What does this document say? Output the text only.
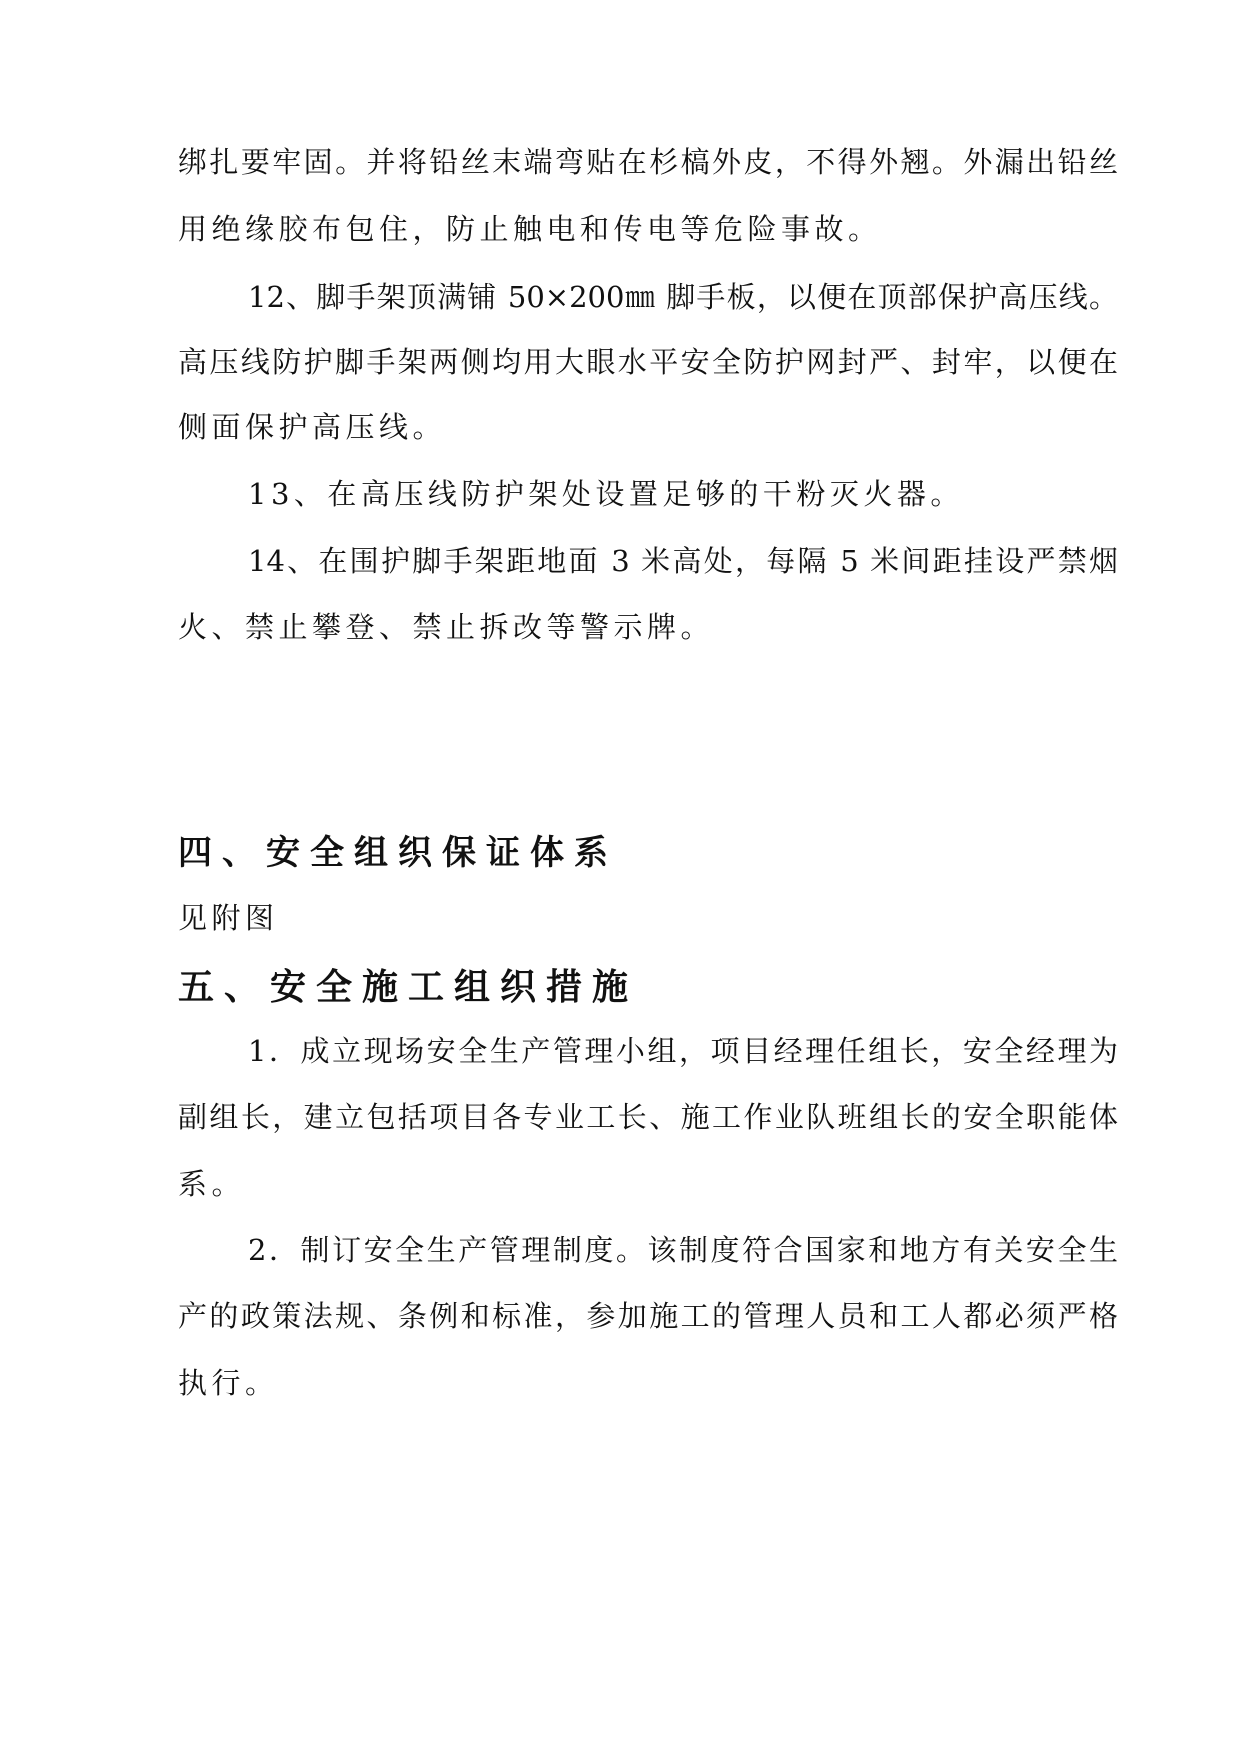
绑扎要牢固。并将铅丝末端弯贴在杉槁外皮，不得外翘。外漏出铅丝
用绝缘胶布包住，防止触电和传电等危险事故。
12、脚手架顶满铺 50×200㎜ 脚手板，以便在顶部保护高压线。
高压线防护脚手架两侧均用大眼水平安全防护网封严、封牢，以便在
侧面保护高压线。
13、在高压线防护架处设置足够的干粉灭火器。
14、在围护脚手架距地面 3 米高处，每隔 5 米间距挂设严禁烟
火、禁止攀登、禁止拆改等警示牌。
四、安全组织保证体系
见附图
五、安全施工组织措施
1．成立现场安全生产管理小组，项目经理任组长，安全经理为
副组长，建立包括项目各专业工长、施工作业队班组长的安全职能体
系。
2．制订安全生产管理制度。该制度符合国家和地方有关安全生
产的政策法规、条例和标准，参加施工的管理人员和工人都必须严格
执行。
